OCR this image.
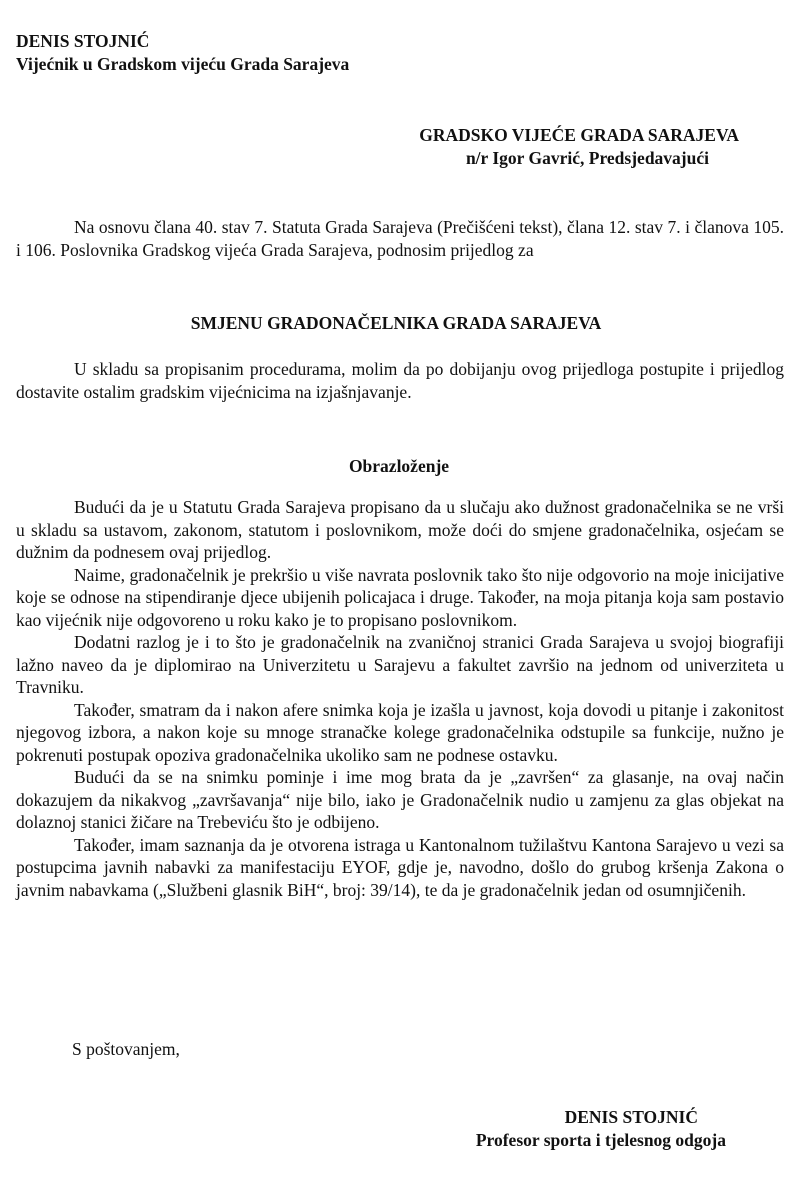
DENIS STOJNIĆ
Vijećnik u Gradskom vijeću Grada Sarajeva
GRADSKO VIJEĆE GRADA SARAJEVA
n/r Igor Gavrić, Predsjedavajući

Na osnovu člana 40. stav 7. Statuta Grada Sarajeva (Prečišćeni tekst), člana 12. stav 7. i članova 105. i 106. Poslovnika Gradskog vijeća Grada Sarajeva, podnosim prijedlog za

SMJENU GRADONAČELNIKA GRADA SARAJEVA

U skladu sa propisanim procedurama, molim da po dobijanju ovog prijedloga postupite i prijedlog dostavite ostalim gradskim vijećnicima na izjašnjavanje.

Obrazloženje

Budući da je u Statutu Grada Sarajeva propisano da u slučaju ako dužnost gradonačelnika se ne vrši u skladu sa ustavom, zakonom, statutom i poslovnikom, može doći do smjene gradonačelnika, osjećam se dužnim da podnesem ovaj prijedlog.

Naime, gradonačelnik je prekršio u više navrata poslovnik tako što nije odgovorio na moje inicijative koje se odnose na stipendiranje djece ubijenih policajaca i druge. Također, na moja pitanja koja sam postavio kao vijećnik nije odgovoreno u roku kako je to propisano poslovnikom.

Dodatni razlog je i to što je gradonačelnik na zvaničnoj stranici Grada Sarajeva u svojoj biografiji lažno naveo da je diplomirao na Univerzitetu u Sarajevu a fakultet završio na jednom od univerziteta u Travniku.

Također, smatram da i nakon afere snimka koja je izašla u javnost, koja dovodi u pitanje i zakonitost njegovog izbora, a nakon koje su mnoge stranačke kolege gradonačelnika odstupile sa funkcije, nužno je pokrenuti postupak opoziva gradonačelnika ukoliko sam ne podnese ostavku.

Budući da se na snimku pominje i ime mog brata da je „završen“ za glasanje, na ovaj način dokazujem da nikakvog „završavanja“ nije bilo, iako je Gradonačelnik nudio u zamjenu za glas objekat na dolaznoj stanici žičare na Trebeviću što je odbijeno.

Također, imam saznanja da je otvorena istraga u Kantonalnom tužilaštvu Kantona Sarajevo u vezi sa postupcima javnih nabavki za manifestaciju EYOF, gdje je, navodno, došlo do grubog kršenja Zakona o javnim nabavkama („Službeni glasnik BiH“, broj: 39/14), te da je gradonačelnik jedan od osumnjičenih.

S poštovanjem,
DENIS STOJNIĆ
Profesor sporta i tjelesnog odgoja
